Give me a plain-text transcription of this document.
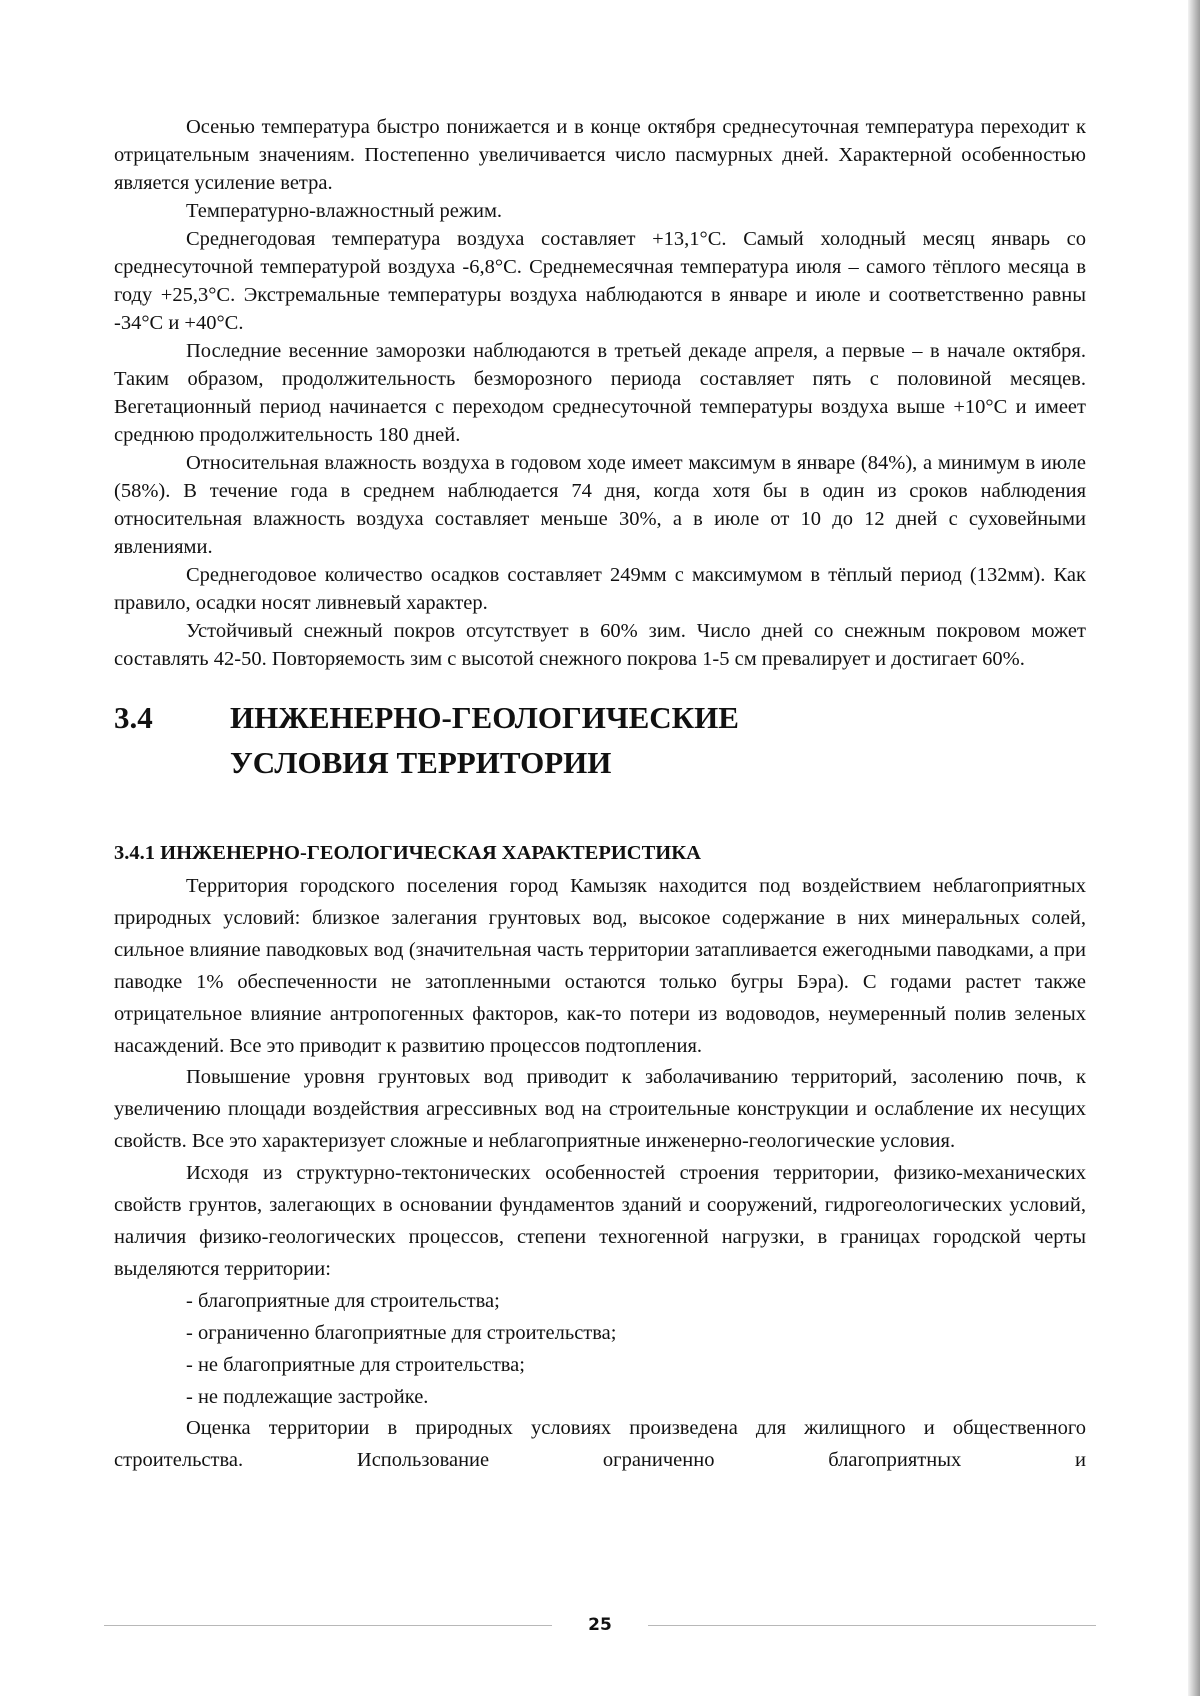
Осенью температура быстро понижается и в конце октября среднесуточная температура переходит к отрицательным значениям. Постепенно увеличивается число пасмурных дней. Характерной особенностью является усиление ветра.

Температурно-влажностный режим.

Среднегодовая температура воздуха составляет +13,1°С. Самый холодный месяц январь со среднесуточной температурой воздуха -6,8°С. Среднемесячная температура июля – самого тёплого месяца в году +25,3°С. Экстремальные температуры воздуха наблюдаются в январе и июле и соответственно равны -34°С и +40°С.

Последние весенние заморозки наблюдаются в третьей декаде апреля, а первые – в начале октября. Таким образом, продолжительность безморозного периода составляет пять с половиной месяцев. Вегетационный период начинается с переходом среднесуточной температуры воздуха выше +10°С и имеет среднюю продолжительность 180 дней.

Относительная влажность воздуха в годовом ходе имеет максимум в январе (84%), а минимум в июле (58%). В течение года в среднем наблюдается 74 дня, когда хотя бы в один из сроков наблюдения относительная влажность воздуха составляет меньше 30%, а в июле от 10 до 12 дней с суховейными явлениями.

Среднегодовое количество осадков составляет 249мм с максимумом в тёплый период (132мм). Как правило, осадки носят ливневый характер.

Устойчивый снежный покров отсутствует в 60% зим. Число дней со снежным покровом может составлять 42-50. Повторяемость зим с высотой снежного покрова 1-5 см превалирует и достигает 60%.

3.4	ИНЖЕНЕРНО-ГЕОЛОГИЧЕСКИЕ
УСЛОВИЯ ТЕРРИТОРИИ
3.4.1 ИНЖЕНЕРНО-ГЕОЛОГИЧЕСКАЯ ХАРАКТЕРИСТИКА

Территория городского поселения город Камызяк находится под воздействием неблагоприятных природных условий: близкое залегания грунтовых вод, высокое содержание в них минеральных солей, сильное влияние паводковых вод (значительная часть территории затапливается ежегодными паводками, а при паводке 1% обеспеченности не затопленными остаются только бугры Бэра). С годами растет также отрицательное влияние антропогенных факторов, как-то потери из водоводов, неумеренный полив зеленых насаждений. Все это приводит к развитию процессов подтопления.

Повышение уровня грунтовых вод приводит к заболачиванию территорий, засолению почв, к увеличению площади воздействия агрессивных вод на строительные конструкции и ослабление их несущих свойств. Все это характеризует сложные и неблагоприятные инженерно-геологические условия.

Исходя из структурно-тектонических особенностей строения территории, физико-механических свойств грунтов, залегающих в основании фундаментов зданий и сооружений, гидрогеологических условий, наличия физико-геологических процессов, степени техногенной нагрузки, в границах городской черты выделяются территории:

- благоприятные для строительства;

- ограниченно благоприятные для строительства;

- не благоприятные для строительства;

- не подлежащие застройке.

Оценка территории в природных условиях произведена для жилищного и общественного строительства. Использование ограниченно благоприятных и

25
